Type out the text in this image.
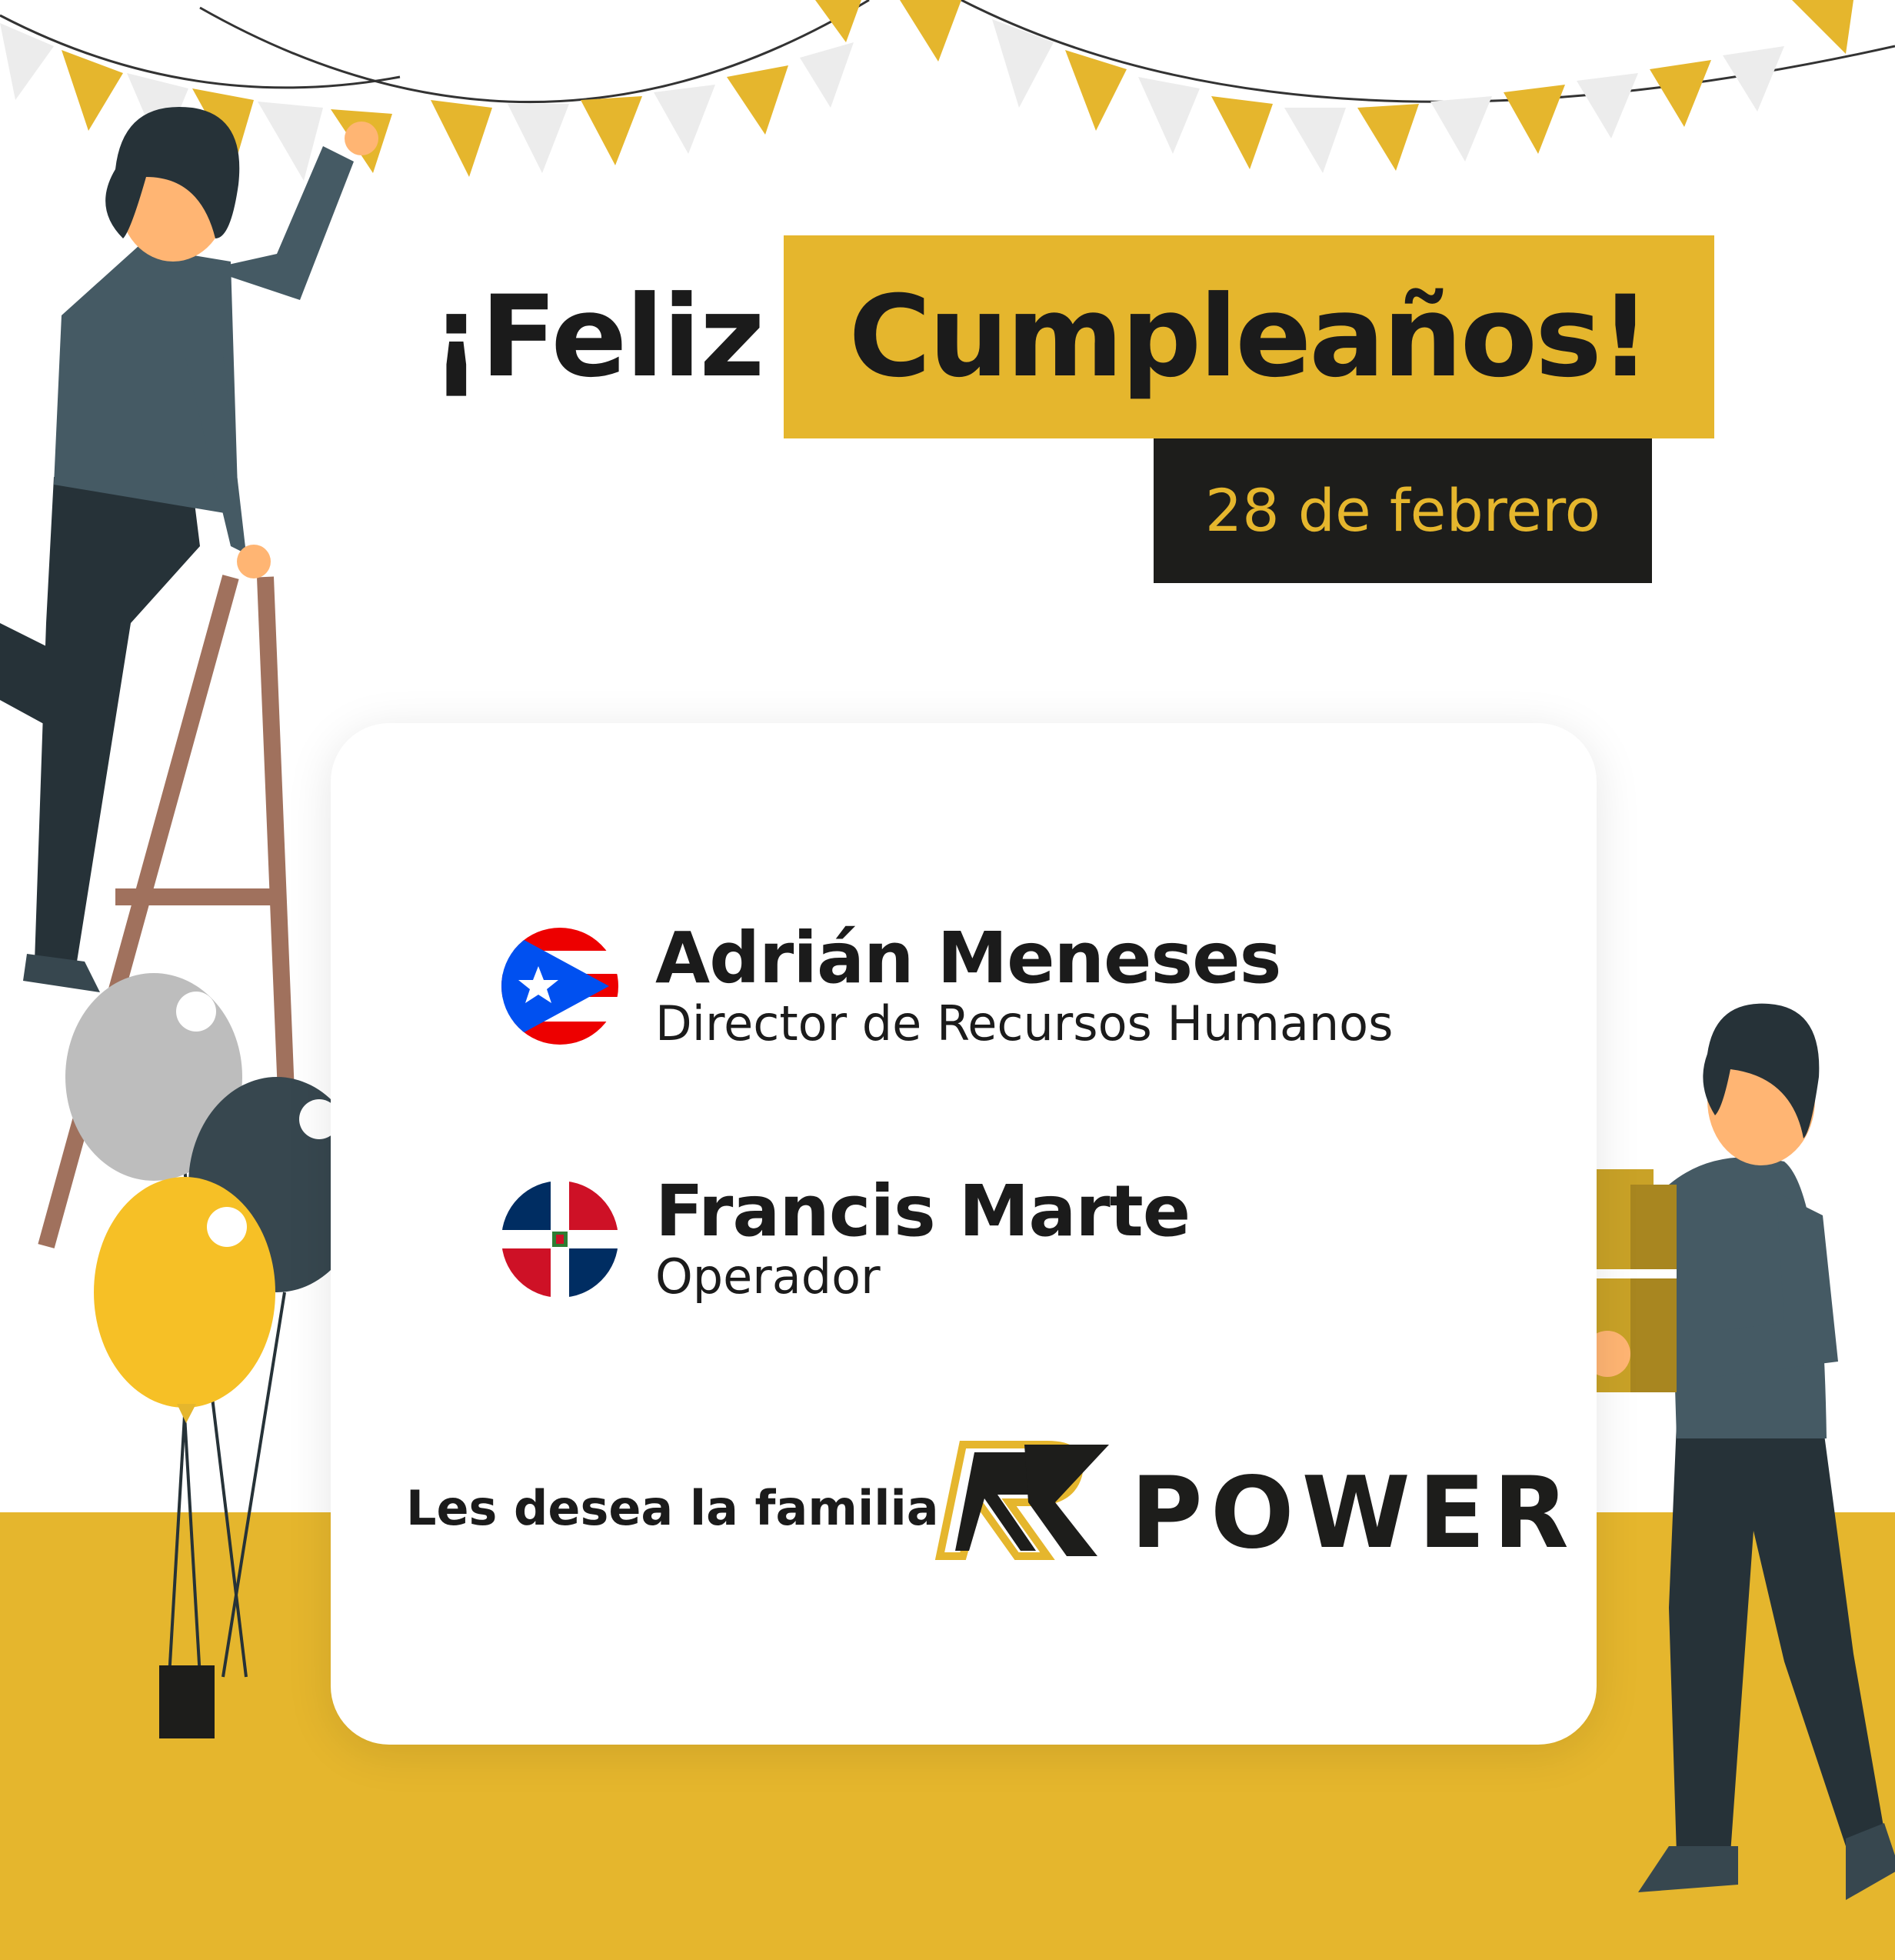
¡Feliz Cumpleaños!
28 de febrero
Adrián Meneses
Director de Recursos Humanos
Francis Marte
Operador
Les desea la familia POWER
